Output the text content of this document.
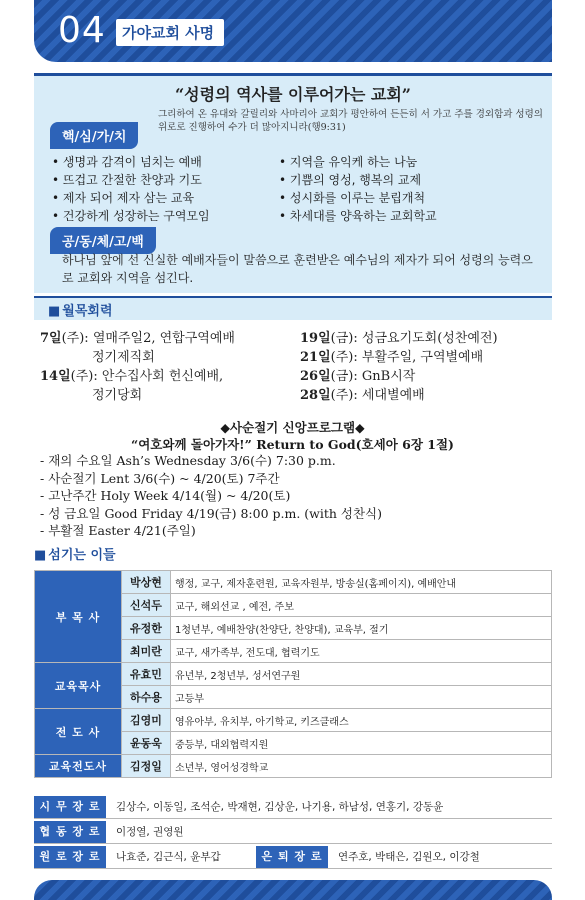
04	가야교회 사명
“성령의 역사를 이루어가는 교회”
그리하여 온 유대와 갈릴리와 사마리아 교회가 평안하여 든든히 서 가고 주를 경외함과 성령의 위로로 진행하여 수가 더 많아지니라(행9:31)
핵/심/가/치
• 생명과 감격이 넘치는 예배
• 뜨겁고 간절한 찬양과 기도
• 제자 되어 제자 삼는 교육
• 건강하게 성장하는 구역모임
• 지역을 유익케 하는 나눔
• 기쁨의 영성, 행복의 교제
• 성시화를 이루는 분립개척
• 차세대를 양육하는 교회학교
공/동/체/고/백
하나님 앞에 선 신실한 예배자들이 말씀으로 훈련받은 예수님의 제자가 되어 성령의 능력으로 교회와 지역을 섬긴다.
■ 월목회력
7일(주): 열매주일2, 연합구역예배
정기제직회
14일(주): 안수집사회 헌신예배,
정기당회
19일(금): 성금요기도회(성찬예전)
21일(주): 부활주일, 구역별예배
26일(금): GnB시작
28일(주): 세대별예배
◆사순절기 신앙프로그램◆
“여호와께 돌아가자!” Return to God(호세아 6장 1절)
- 재의 수요일 Ash’s Wednesday 3/6(수) 7:30 p.m.
- 사순절기 Lent 3/6(수) ~ 4/20(토) 7주간
- 고난주간 Holy Week 4/14(월) ~ 4/20(토)
- 성 금요일 Good Friday 4/19(금) 8:00 p.m. (with 성찬식)
- 부활절 Easter 4/21(주일)
■ 섬기는 이들
부 목 사	박상현	행정, 교구, 제자훈련원, 교육자원부, 방송실(홈페이지), 예배안내
	신석두	교구, 해외선교 , 예전, 주보
	유정한	1청년부, 예배찬양(찬양단, 찬양대), 교육부, 절기
	최미란	교구, 새가족부, 전도대, 협력기도
교육목사	유효민	유년부, 2청년부, 성서연구원
	하수용	고등부
전 도 사	김영미	영유아부, 유치부, 아기학교, 키즈클래스
	윤동욱	중등부, 대외협력지원
교육전도사	김정일	소년부, 영어성경학교
시 무 장 로	김상수, 이동일, 조석순, 박재현, 김상운, 나기용, 하남성, 연홍기, 강동윤
협 동 장 로	이정열, 권영원
원 로 장 로	나효준, 김근식, 윤부갑	은 퇴 장 로	연주호, 박태은, 김원오, 이강철
